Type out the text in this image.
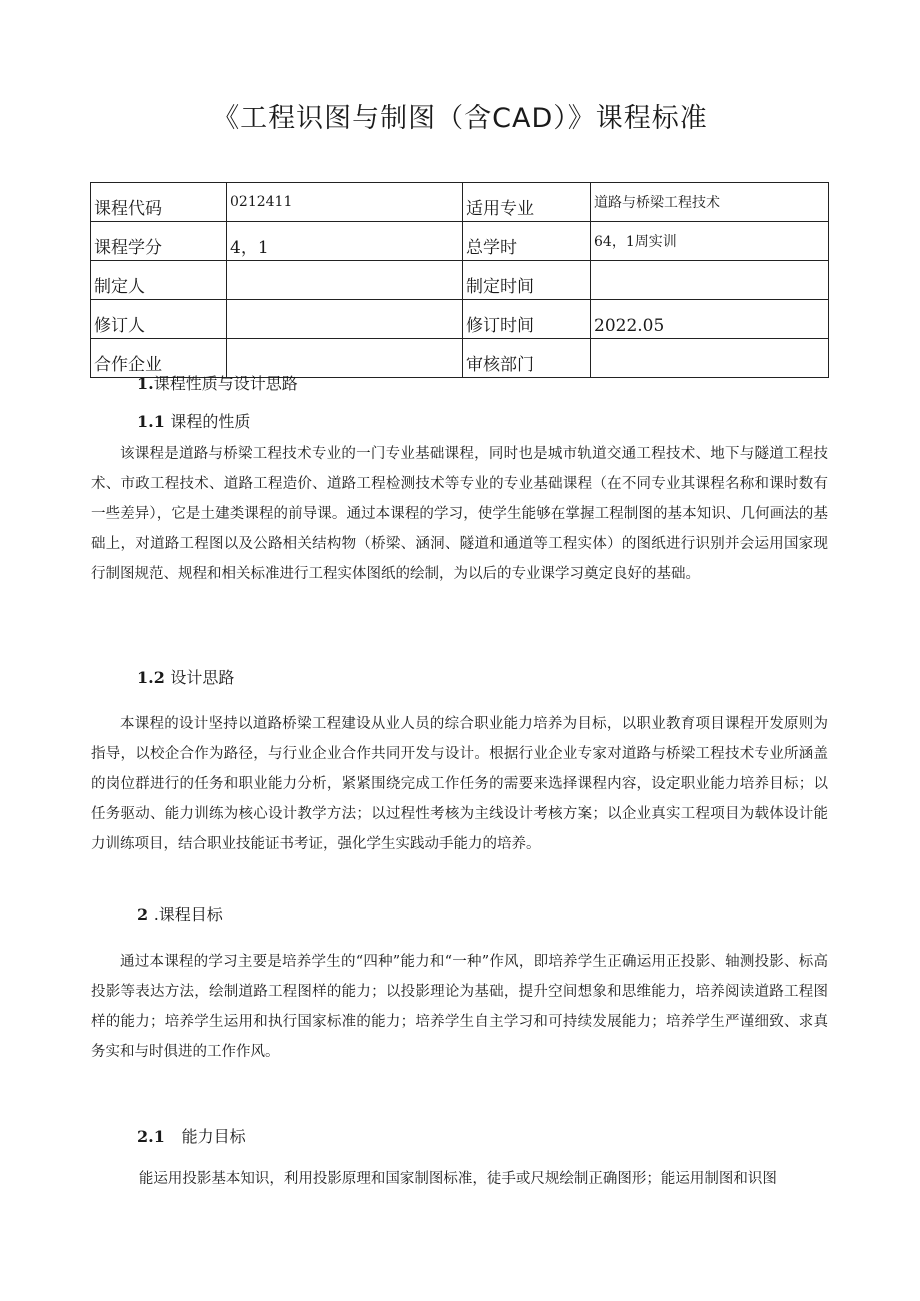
《工程识图与制图（含CAD）》课程标准
课程代码	0212411	适用专业	道路与桥梁工程技术
课程学分	4，1	总学时	64，1周实训
制定人		制定时间	
修订人		修订时间	2022.05
合作企业		审核部门	
1.课程性质与设计思路
1.1 课程的性质
该课程是道路与桥梁工程技术专业的一门专业基础课程，同时也是城市轨道交通工程技术、地下与隧道工程技术、市政工程技术、道路工程造价、道路工程检测技术等专业的专业基础课程（在不同专业其课程名称和课时数有一些差异），它是土建类课程的前导课。通过本课程的学习，使学生能够在掌握工程制图的基本知识、几何画法的基础上，对道路工程图以及公路相关结构物（桥梁、涵洞、隧道和通道等工程实体）的图纸进行识别并会运用国家现行制图规范、规程和相关标准进行工程实体图纸的绘制，为以后的专业课学习奠定良好的基础。
1.2 设计思路
本课程的设计坚持以道路桥梁工程建设从业人员的综合职业能力培养为目标，以职业教育项目课程开发原则为指导，以校企合作为路径，与行业企业合作共同开发与设计。根据行业企业专家对道路与桥梁工程技术专业所涵盖的岗位群进行的任务和职业能力分析，紧紧围绕完成工作任务的需要来选择课程内容，设定职业能力培养目标；以任务驱动、能力训练为核心设计教学方法；以过程性考核为主线设计考核方案；以企业真实工程项目为载体设计能力训练项目，结合职业技能证书考证，强化学生实践动手能力的培养。
2 .课程目标
通过本课程的学习主要是培养学生的“四种”能力和“一种”作风，即培养学生正确运用正投影、轴测投影、标高投影等表达方法，绘制道路工程图样的能力；以投影理论为基础，提升空间想象和思维能力，培养阅读道路工程图样的能力；培养学生运用和执行国家标准的能力；培养学生自主学习和可持续发展能力；培养学生严谨细致、求真务实和与时俱进的工作作风。
2.1 能力目标
能运用投影基本知识，利用投影原理和国家制图标准，徒手或尺规绘制正确图形；能运用制图和识图
